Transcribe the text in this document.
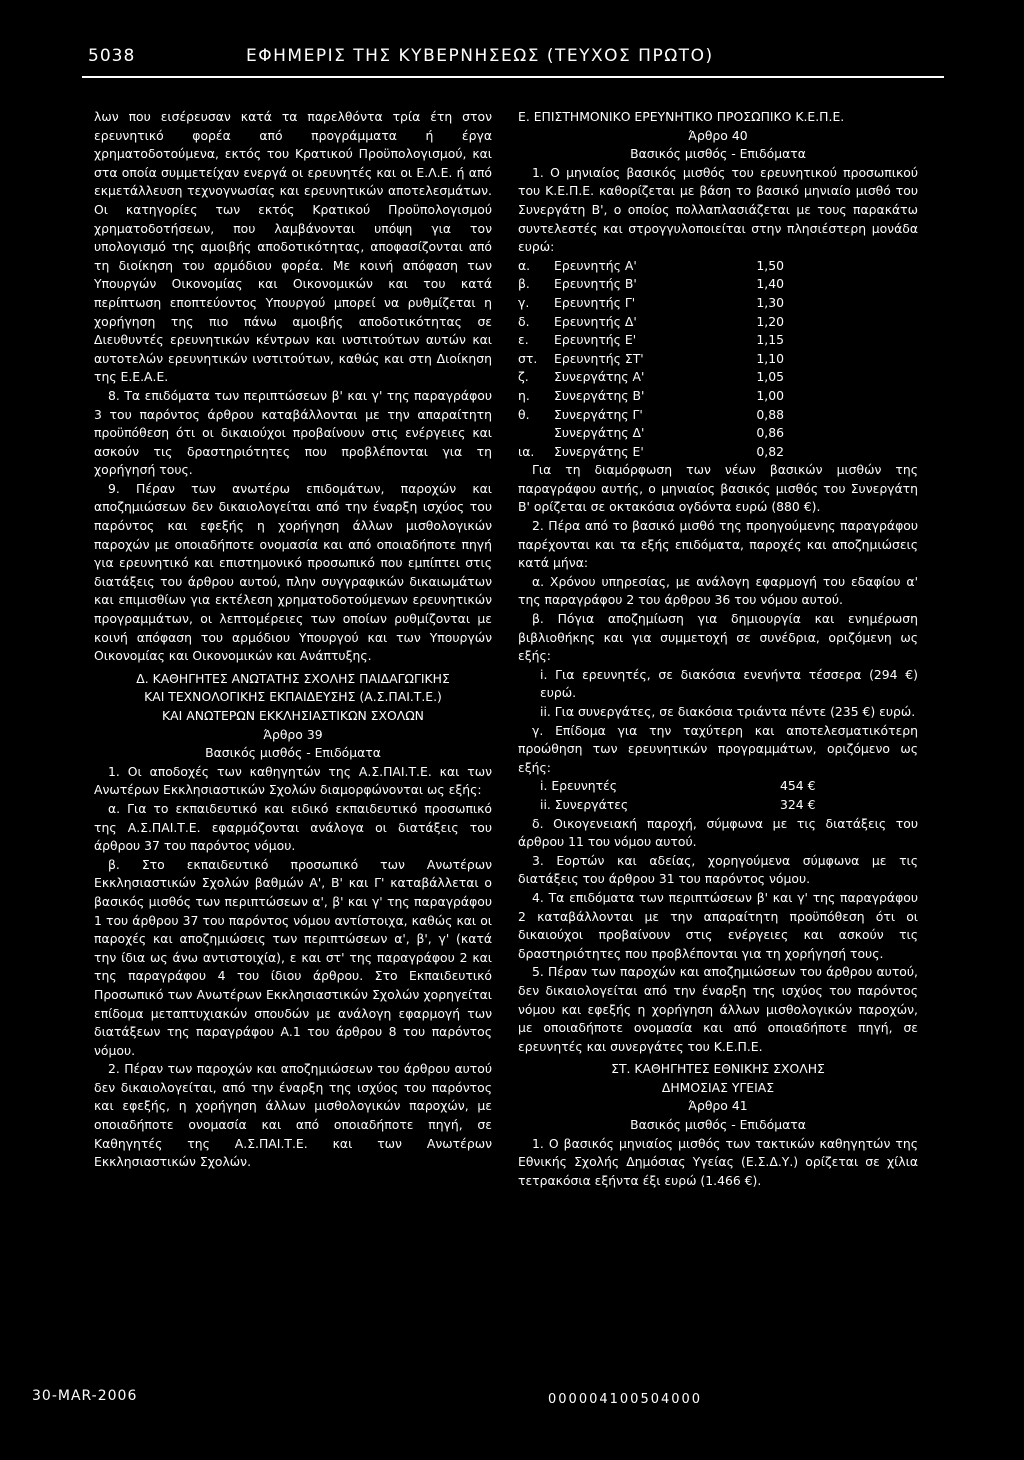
5038	ΕΦΗΜΕΡΙΣ ΤΗΣ ΚΥΒΕΡΝΗΣΕΩΣ (ΤΕΥΧΟΣ ΠΡΩΤΟ)

λων που εισέρευσαν κατά τα παρελθόντα τρία έτη στον ερευνητικό φορέα από προγράμματα ή έργα χρηματοδοτούμενα, εκτός του Κρατικού Προϋπολογισμού, και στα οποία συμμετείχαν ενεργά οι ερευνητές και οι Ε.Λ.Ε. ή από εκμετάλλευση τεχνογνωσίας και ερευνητικών αποτελεσμάτων. Οι κατηγορίες των εκτός Κρατικού Προϋπολογισμού χρηματοδοτήσεων, που λαμβάνονται υπόψη για τον υπολογισμό της αμοιβής αποδοτικότητας, αποφασίζονται από τη διοίκηση του αρμόδιου φορέα. Με κοινή απόφαση των Υπουργών Οικονομίας και Οικονομικών και του κατά περίπτωση εποπτεύοντος Υπουργού μπορεί να ρυθμίζεται η χορήγηση της πιο πάνω αμοιβής αποδοτικότητας σε Διευθυντές ερευνητικών κέντρων και ινστιτούτων αυτών και αυτοτελών ερευνητικών ινστιτούτων, καθώς και στη Διοίκηση της Ε.Ε.Α.Ε.

8. Τα επιδόματα των περιπτώσεων β' και γ' της παραγράφου 3 του παρόντος άρθρου καταβάλλονται με την απαραίτητη προϋπόθεση ότι οι δικαιούχοι προβαίνουν στις ενέργειες και ασκούν τις δραστηριότητες που προβλέπονται για τη χορήγησή τους.

9. Πέραν των ανωτέρω επιδομάτων, παροχών και αποζημιώσεων δεν δικαιολογείται από την έναρξη ισχύος του παρόντος και εφεξής η χορήγηση άλλων μισθολογικών παροχών με οποιαδήποτε ονομασία και από οποιαδήποτε πηγή για ερευνητικό και επιστημονικό προσωπικό που εμπίπτει στις διατάξεις του άρθρου αυτού, πλην συγγραφικών δικαιωμάτων και επιμισθίων για εκτέλεση χρηματοδοτούμενων ερευνητικών προγραμμάτων, οι λεπτομέρειες των οποίων ρυθμίζονται με κοινή απόφαση του αρμόδιου Υπουργού και των Υπουργών Οικονομίας και Οικονομικών και Ανάπτυξης.

Δ. ΚΑΘΗΓΗΤΕΣ ΑΝΩΤΑΤΗΣ ΣΧΟΛΗΣ ΠΑΙΔΑΓΩΓΙΚΗΣ

ΚΑΙ ΤΕΧΝΟΛΟΓΙΚΗΣ ΕΚΠΑΙΔΕΥΣΗΣ (Α.Σ.ΠΑΙ.Τ.Ε.)

ΚΑΙ ΑΝΩΤΕΡΩΝ ΕΚΚΛΗΣΙΑΣΤΙΚΩΝ ΣΧΟΛΩΝ

Άρθρο 39

Βασικός μισθός - Επιδόματα

1. Οι αποδοχές των καθηγητών της Α.Σ.ΠΑΙ.Τ.Ε. και των Ανωτέρων Εκκλησιαστικών Σχολών διαμορφώνονται ως εξής:

α. Για το εκπαιδευτικό και ειδικό εκπαιδευτικό προσωπικό της Α.Σ.ΠΑΙ.Τ.Ε. εφαρμόζονται ανάλογα οι διατάξεις του άρθρου 37 του παρόντος νόμου.

β. Στο εκπαιδευτικό προσωπικό των Ανωτέρων Εκκλησιαστικών Σχολών βαθμών Α', Β' και Γ' καταβάλλεται ο βασικός μισθός των περιπτώσεων α', β' και γ' της παραγράφου 1 του άρθρου 37 του παρόντος νόμου αντίστοιχα, καθώς και οι παροχές και αποζημιώσεις των περιπτώσεων α', β', γ' (κατά την ίδια ως άνω αντιστοιχία), ε και στ' της παραγράφου 2 και της παραγράφου 4 του ίδιου άρθρου. Στο Εκπαιδευτικό Προσωπικό των Ανωτέρων Εκκλησιαστικών Σχολών χορηγείται επίδομα μεταπτυχιακών σπουδών με ανάλογη εφαρμογή των διατάξεων της παραγράφου Α.1 του άρθρου 8 του παρόντος νόμου.

2. Πέραν των παροχών και αποζημιώσεων του άρθρου αυτού δεν δικαιολογείται, από την έναρξη της ισχύος του παρόντος και εφεξής, η χορήγηση άλλων μισθολογικών παροχών, με οποιαδήποτε ονομασία και από οποιαδήποτε πηγή, σε Καθηγητές της Α.Σ.ΠΑΙ.Τ.Ε. και των Ανωτέρων Εκκλησιαστικών Σχολών.

Ε. ΕΠΙΣΤΗΜΟΝΙΚΟ ΕΡΕΥΝΗΤΙΚΟ ΠΡΟΣΩΠΙΚΟ Κ.Ε.Π.Ε.

Άρθρο 40

Βασικός μισθός - Επιδόματα

1. Ο μηνιαίος βασικός μισθός του ερευνητικού προσωπικού του Κ.Ε.Π.Ε. καθορίζεται με βάση το βασικό μηνιαίο μισθό του Συνεργάτη Β', ο οποίος πολλαπλασιάζεται με τους παρακάτω συντελεστές και στρογγυλοποιείται στην πλησιέστερη μονάδα ευρώ:

α.	Ερευνητής Α'	1,50
β.	Ερευνητής Β'	1,40
γ.	Ερευνητής Γ'	1,30
δ.	Ερευνητής Δ'	1,20
ε.	Ερευνητής Ε'	1,15
στ.	Ερευνητής ΣΤ'	1,10
ζ.	Συνεργάτης Α'	1,05
η.	Συνεργάτης Β'	1,00
θ.	Συνεργάτης Γ'	0,88
Συνεργάτης Δ'	0,86
ια.	Συνεργάτης Ε'	0,82

Για τη διαμόρφωση των νέων βασικών μισθών της παραγράφου αυτής, ο μηνιαίος βασικός μισθός του Συνεργάτη Β' ορίζεται σε οκτακόσια ογδόντα ευρώ (880 €).

2. Πέρα από το βασικό μισθό της προηγούμενης παραγράφου παρέχονται και τα εξής επιδόματα, παροχές και αποζημιώσεις κατά μήνα:

α. Χρόνου υπηρεσίας, με ανάλογη εφαρμογή του εδαφίου α' της παραγράφου 2 του άρθρου 36 του νόμου αυτού.

β. Πόγια αποζημίωση για δημιουργία και ενημέρωση βιβλιοθήκης και για συμμετοχή σε συνέδρια, οριζόμενη ως εξής:

i. Για ερευνητές, σε διακόσια ενενήντα τέσσερα (294 €) ευρώ.

ii. Για συνεργάτες, σε διακόσια τριάντα πέντε (235 €) ευρώ.

γ. Επίδομα για την ταχύτερη και αποτελεσματικότερη προώθηση των ερευνητικών προγραμμάτων, οριζόμενο ως εξής:

i. Ερευνητές	454 €
ii. Συνεργάτες	324 €

δ. Οικογενειακή παροχή, σύμφωνα με τις διατάξεις του άρθρου 11 του νόμου αυτού.

3. Εορτών και αδείας, χορηγούμενα σύμφωνα με τις διατάξεις του άρθρου 31 του παρόντος νόμου.

4. Τα επιδόματα των περιπτώσεων β' και γ' της παραγράφου 2 καταβάλλονται με την απαραίτητη προϋπόθεση ότι οι δικαιούχοι προβαίνουν στις ενέργειες και ασκούν τις δραστηριότητες που προβλέπονται για τη χορήγησή τους.

5. Πέραν των παροχών και αποζημιώσεων του άρθρου αυτού, δεν δικαιολογείται από την έναρξη της ισχύος του παρόντος νόμου και εφεξής η χορήγηση άλλων μισθολογικών παροχών, με οποιαδήποτε ονομασία και από οποιαδήποτε πηγή, σε ερευνητές και συνεργάτες του Κ.Ε.Π.Ε.

ΣΤ. ΚΑΘΗΓΗΤΕΣ ΕΘΝΙΚΗΣ ΣΧΟΛΗΣ

ΔΗΜΟΣΙΑΣ ΥΓΕΙΑΣ

Άρθρο 41

Βασικός μισθός - Επιδόματα

1. Ο βασικός μηνιαίος μισθός των τακτικών καθηγητών της Εθνικής Σχολής Δημόσιας Υγείας (Ε.Σ.Δ.Υ.) ορίζεται σε χίλια τετρακόσια εξήντα έξι ευρώ (1.466 €).

30-MAR-2006	000004100504000
